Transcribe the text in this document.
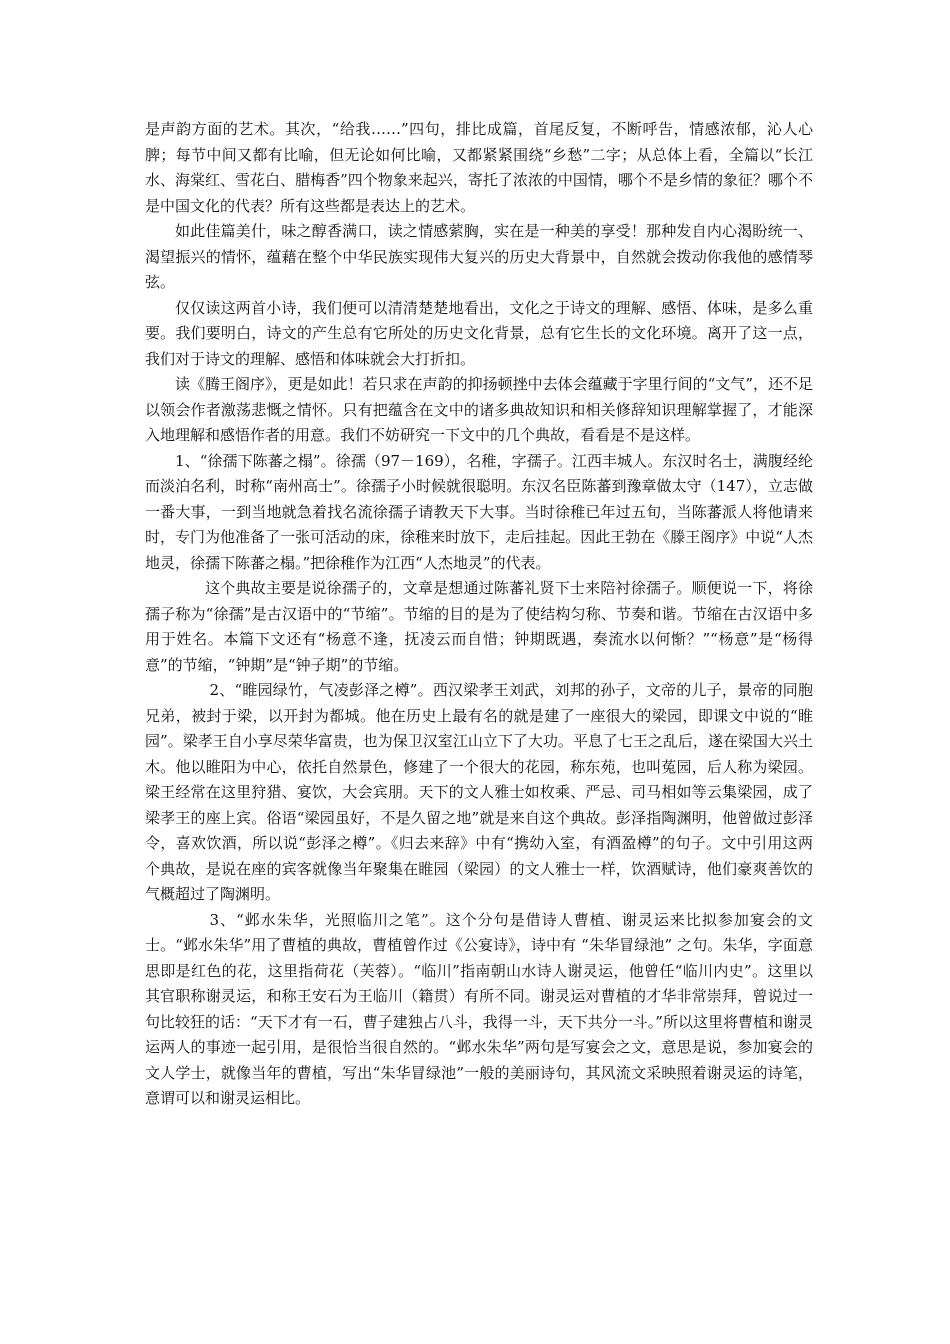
是声韵方面的艺术。其次，“给我……”四句，排比成篇，首尾反复，不断呼告，情感浓郁，沁人心脾；每节中间又都有比喻，但无论如何比喻，又都紧紧围绕“乡愁”二字；从总体上看，全篇以“长江水、海棠红、雪花白、腊梅香”四个物象来起兴，寄托了浓浓的中国情，哪个不是乡情的象征？哪个不是中国文化的代表？所有这些都是表达上的艺术。

如此佳篇美什，味之醇香满口，读之情感萦胸，实在是一种美的享受！那种发自内心渴盼统一、渴望振兴的情怀，蕴藉在整个中华民族实现伟大复兴的历史大背景中，自然就会拨动你我他的感情琴弦。

仅仅读这两首小诗，我们便可以清清楚楚地看出，文化之于诗文的理解、感悟、体味，是多么重要。我们要明白，诗文的产生总有它所处的历史文化背景，总有它生长的文化环境。离开了这一点，我们对于诗文的理解、感悟和体味就会大打折扣。

读《腾王阁序》，更是如此！若只求在声韵的抑扬顿挫中去体会蕴藏于字里行间的“文气”，还不足以领会作者激荡悲慨之情怀。只有把蕴含在文中的诸多典故知识和相关修辞知识理解掌握了，才能深入地理解和感悟作者的用意。我们不妨研究一下文中的几个典故，看看是不是这样。

1、“徐孺下陈蕃之榻”。徐孺（97－169），名稚，字孺子。江西丰城人。东汉时名士，满腹经纶而淡泊名利，时称“南州高士”。徐孺子小时候就很聪明。东汉名臣陈蕃到豫章做太守（147），立志做一番大事，一到当地就急着找名流徐孺子请教天下大事。当时徐稚已年过五旬，当陈蕃派人将他请来时，专门为他准备了一张可活动的床，徐稚来时放下，走后挂起。因此王勃在《滕王阁序》中说“人杰地灵，徐孺下陈蕃之榻。”把徐稚作为江西“人杰地灵”的代表。

这个典故主要是说徐孺子的，文章是想通过陈蕃礼贤下士来陪衬徐孺子。顺便说一下，将徐孺子称为“徐孺”是古汉语中的“节缩”。节缩的目的是为了使结构匀称、节奏和谐。节缩在古汉语中多用于姓名。本篇下文还有“杨意不逢，抚凌云而自惜；钟期既遇，奏流水以何惭？”“杨意”是“杨得意”的节缩，“钟期”是“钟子期”的节缩。

2、“睢园绿竹，气凌彭泽之樽”。西汉梁孝王刘武，刘邦的孙子，文帝的儿子，景帝的同胞兄弟，被封于梁，以开封为都城。他在历史上最有名的就是建了一座很大的梁园，即课文中说的“睢园”。梁孝王自小享尽荣华富贵，也为保卫汉室江山立下了大功。平息了七王之乱后，遂在梁国大兴土木。他以睢阳为中心，依托自然景色，修建了一个很大的花园，称东苑，也叫菟园，后人称为梁园。梁王经常在这里狩猎、宴饮，大会宾朋。天下的文人雅士如枚乘、严忌、司马相如等云集梁园，成了梁孝王的座上宾。俗语“梁园虽好，不是久留之地”就是来自这个典故。彭泽指陶渊明，他曾做过彭泽令，喜欢饮酒，所以说“彭泽之樽”。《归去来辞》中有“携幼入室，有酒盈樽”的句子。文中引用这两个典故，是说在座的宾客就像当年聚集在睢园（梁园）的文人雅士一样，饮酒赋诗，他们豪爽善饮的气概超过了陶渊明。

3、“邺水朱华，光照临川之笔”。这个分句是借诗人曹植、谢灵运来比拟参加宴会的文士。“邺水朱华”用了曹植的典故，曹植曾作过《公宴诗》，诗中有 “朱华冒绿池” 之句。朱华，字面意思即是红色的花，这里指荷花（芙蓉）。“临川”指南朝山水诗人谢灵运，他曾任“临川内史”。这里以其官职称谢灵运，和称王安石为王临川（籍贯）有所不同。谢灵运对曹植的才华非常崇拜，曾说过一句比较狂的话：“天下才有一石，曹子建独占八斗，我得一斗，天下共分一斗。”所以这里将曹植和谢灵运两人的事迹一起引用，是很恰当很自然的。“邺水朱华”两句是写宴会之文，意思是说，参加宴会的文人学士，就像当年的曹植，写出“朱华冒绿池”一般的美丽诗句，其风流文采映照着谢灵运的诗笔，意谓可以和谢灵运相比。
